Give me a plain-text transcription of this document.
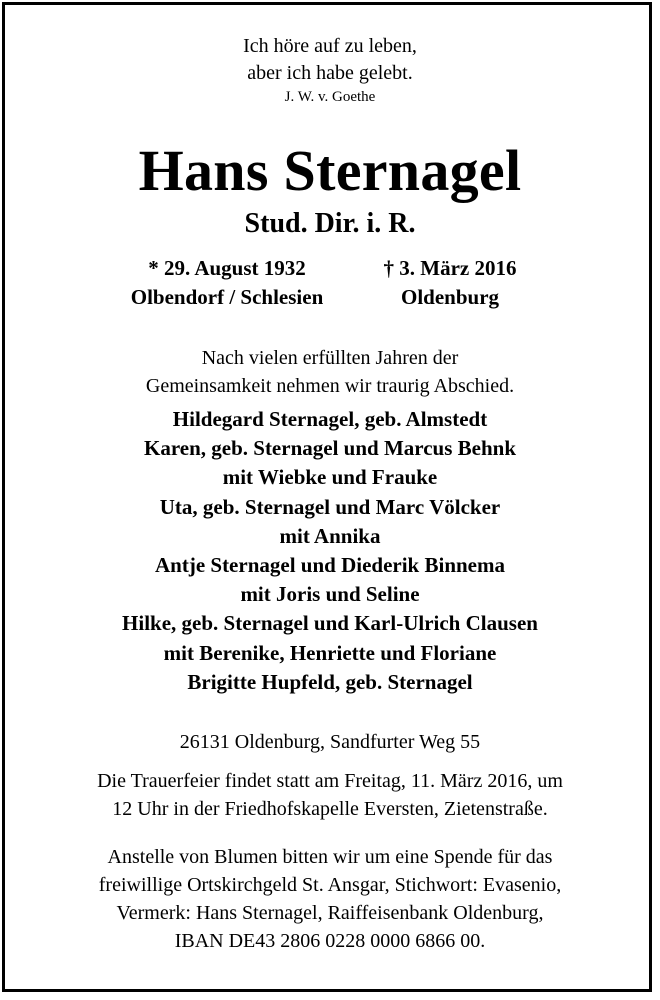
Ich höre auf zu leben,
aber ich habe gelebt.
J. W. v. Goethe
Hans Sternagel
Stud. Dir. i. R.
* 29. August 1932
Olbendorf / Schlesien
† 3. März 2016
Oldenburg
Nach vielen erfüllten Jahren der
Gemeinsamkeit nehmen wir traurig Abschied.
Hildegard Sternagel, geb. Almstedt
Karen, geb. Sternagel und Marcus Behnk
mit Wiebke und Frauke
Uta, geb. Sternagel und Marc Völcker
mit Annika
Antje Sternagel und Diederik Binnema
mit Joris und Seline
Hilke, geb. Sternagel und Karl-Ulrich Clausen
mit Berenike, Henriette und Floriane
Brigitte Hupfeld, geb. Sternagel
26131 Oldenburg, Sandfurter Weg 55
Die Trauerfeier findet statt am Freitag, 11. März 2016, um
12 Uhr in der Friedhofskapelle Eversten, Zietenstraße.
Anstelle von Blumen bitten wir um eine Spende für das
freiwillige Ortskirchgeld St. Ansgar, Stichwort: Evasenio,
Vermerk: Hans Sternagel, Raiffeisenbank Oldenburg,
IBAN DE43 2806 0228 0000 6866 00.
